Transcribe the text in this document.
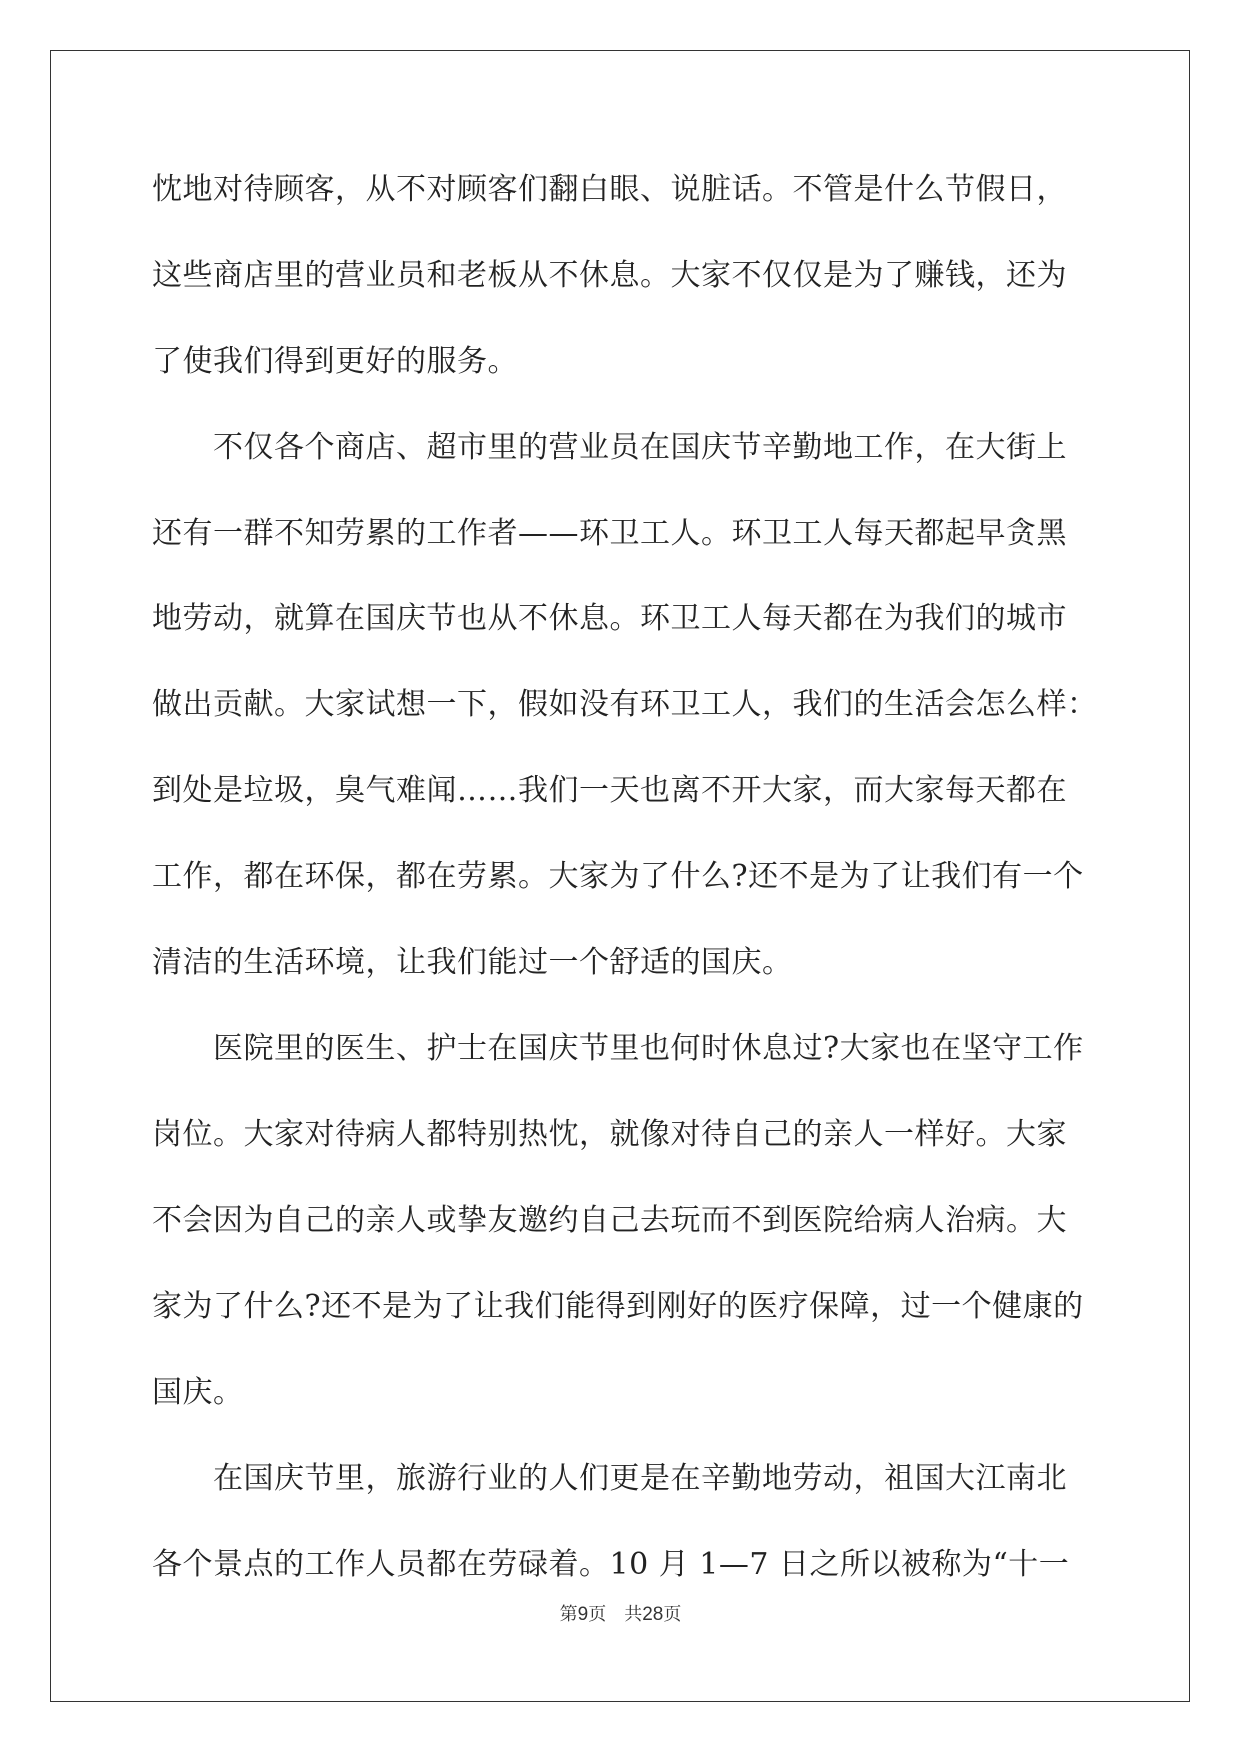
忱地对待顾客，从不对顾客们翻白眼、说脏话。不管是什么节假日，
这些商店里的营业员和老板从不休息。大家不仅仅是为了赚钱，还为
了使我们得到更好的服务。
　　不仅各个商店、超市里的营业员在国庆节辛勤地工作，在大街上
还有一群不知劳累的工作者——环卫工人。环卫工人每天都起早贪黑
地劳动，就算在国庆节也从不休息。环卫工人每天都在为我们的城市
做出贡献。大家试想一下，假如没有环卫工人，我们的生活会怎么样：
到处是垃圾，臭气难闻……我们一天也离不开大家，而大家每天都在
工作，都在环保，都在劳累。大家为了什么?还不是为了让我们有一个
清洁的生活环境，让我们能过一个舒适的国庆。
　　医院里的医生、护士在国庆节里也何时休息过?大家也在坚守工作
岗位。大家对待病人都特别热忱，就像对待自己的亲人一样好。大家
不会因为自己的亲人或挚友邀约自己去玩而不到医院给病人治病。大
家为了什么?还不是为了让我们能得到刚好的医疗保障，过一个健康的
国庆。
　　在国庆节里，旅游行业的人们更是在辛勤地劳动，祖国大江南北
各个景点的工作人员都在劳碌着。10 月 1—7 日之所以被称为“十一
第9页 共28页
